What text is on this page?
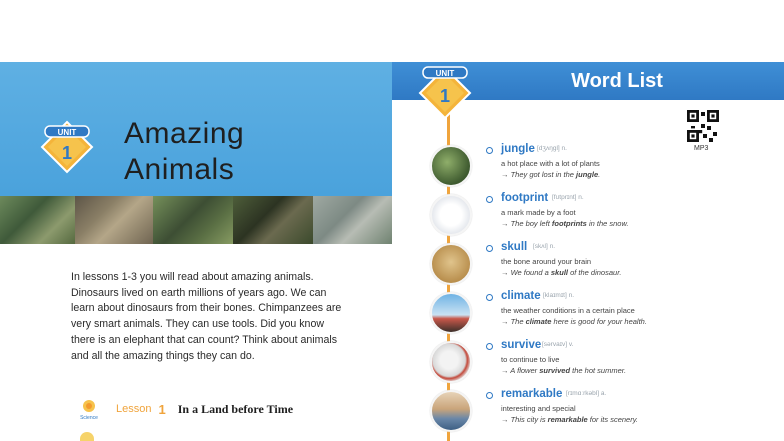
UNIT
1
Amazing
Animals
In lessons 1-3 you will read about amazing animals. Dinosaurs lived on earth millions of years ago. We can learn about dinosaurs from their bones. Chimpanzees are very smart animals. They can use tools. Did you know there is an elephant that can count? Think about animals and all the amazing things they can do.
Science
Lesson 1 In a Land before Time
Word List
UNIT
1
MP3
jungle [dʒʌŋɡl] n.
a hot place with a lot of plants
→ They got lost in the jungle.
footprint [fʊtprɪnt] n.
a mark made by a foot
→ The boy left footprints in the snow.
skull [skʌl] n.
the bone around your brain
→ We found a skull of the dinosaur.
climate [klaɪmɪt] n.
the weather conditions in a certain place
→ The climate here is good for your health.
survive [sərvaɪv] v.
to continue to live
→ A flower survived the hot summer.
remarkable [rɪmɑːrkəbl] a.
interesting and special
→ This city is remarkable for its scenery.
